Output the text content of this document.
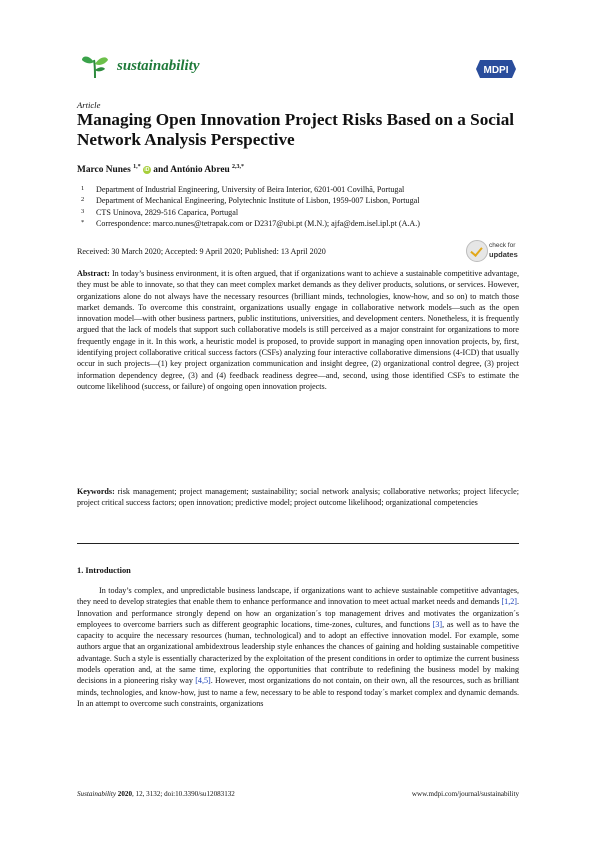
sustainability	MDPI
Article
Managing Open Innovation Project Risks Based on a Social Network Analysis Perspective
Marco Nunes $^{1,*}$ iD and António Abreu $^{2,3,*}$
1 Department of Industrial Engineering, University of Beira Interior, 6201-001 Covilhã, Portugal
2 Department of Mechanical Engineering, Polytechnic Institute of Lisbon, 1959-007 Lisbon, Portugal
3 CTS Uninova, 2829-516 Caparica, Portugal
* Correspondence: marco.nunes@tetrapak.com or D2317@ubi.pt (M.N.); ajfa@dem.isel.ipl.pt (A.A.)
Received: 30 March 2020; Accepted: 9 April 2020; Published: 13 April 2020
check for
updates
Abstract: In today’s business environment, it is often argued, that if organizations want to achieve a sustainable competitive advantage, they must be able to innovate, so that they can meet complex market demands as they deliver products, solutions, or services. However, organizations alone do not always have the necessary resources (brilliant minds, technologies, know-how, and so on) to match those market demands. To overcome this constraint, organizations usually engage in collaborative network models—such as the open innovation model—with other business partners, public institutions, universities, and development centers. Nonetheless, it is frequently argued that the lack of models that support such collaborative models is still perceived as a major constraint for organizations to more frequently engage in it. In this work, a heuristic model is proposed, to provide support in managing open innovation projects, by, first, identifying project collaborative critical success factors (CSFs) analyzing four interactive collaborative dimensions (4-ICD) that usually occur in such projects—(1) key project organization communication and insight degree, (2) organizational control degree, (3) project information dependency degree, (3) and (4) feedback readiness degree—and, second, using those identified CSFs to estimate the outcome likelihood (success, or failure) of ongoing open innovation projects.
Keywords: risk management; project management; sustainability; social network analysis; collaborative networks; project lifecycle; project critical success factors; open innovation; predictive model; project outcome likelihood; organizational competencies
1. Introduction
In today’s complex, and unpredictable business landscape, if organizations want to achieve sustainable competitive advantages, they need to develop strategies that enable them to enhance performance and innovation to meet actual market needs and demands [1,2]. Innovation and performance strongly depend on how an organization´s top management drives and motivates the organization´s employees to overcome barriers such as different geographic locations, time-zones, cultures, and functions [3], as well as to have the capacity to acquire the necessary resources (human, technological) and to adopt an effective innovation model. For example, some authors argue that an organizational ambidextrous leadership style enhances the chances of gaining and holding sustainable competitive advantage. Such a style is essentially characterized by the exploitation of the present conditions in order to optimize the current business models operation and, at the same time, exploring the opportunities that contribute to redefining the business model by making decisions in a pioneering risky way [4,5]. However, most organizations do not contain, on their own, all the resources, such as brilliant minds, technologies, and know-how, just to name a few, necessary to be able to respond today´s market complex and dynamic demands. In an attempt to overcome such constraints, organizations
Sustainability 2020, 12, 3132; doi:10.3390/su12083132	www.mdpi.com/journal/sustainability
